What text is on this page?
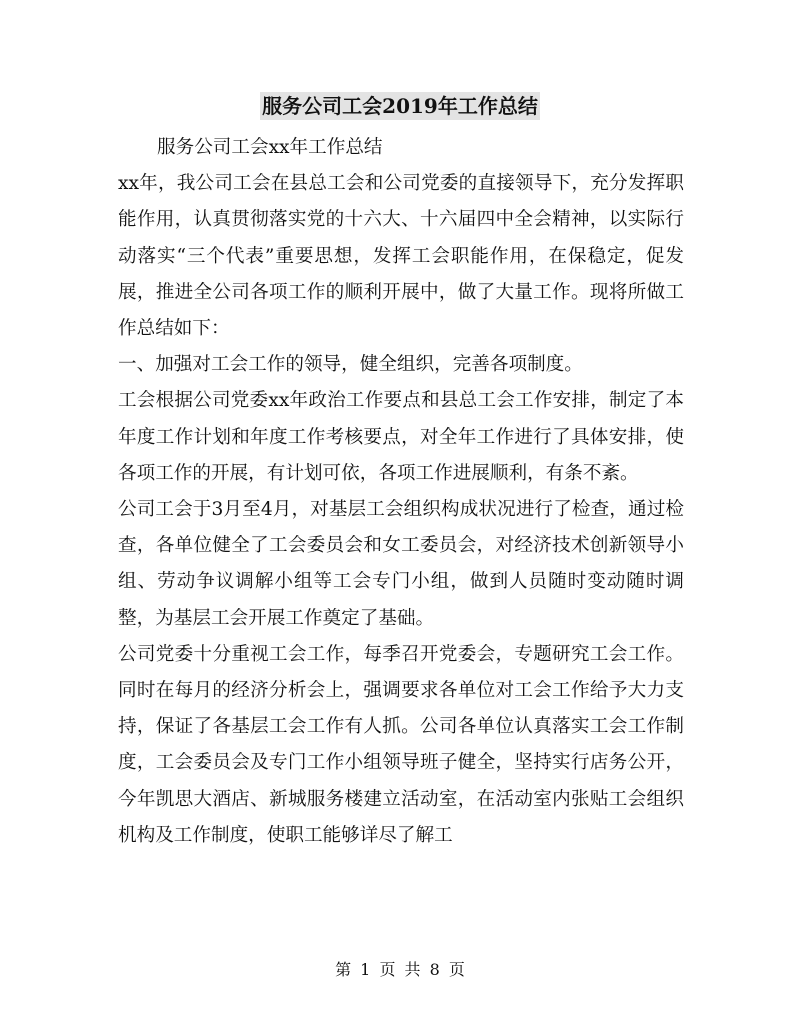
服务公司工会2019年工作总结

服务公司工会xx年工作总结

xx年，我公司工会在县总工会和公司党委的直接领导下，充分发挥职能作用，认真贯彻落实党的十六大、十六届四中全会精神，以实际行动落实“三个代表”重要思想，发挥工会职能作用，在保稳定，促发展，推进全公司各项工作的顺利开展中，做了大量工作。现将所做工作总结如下：

一、加强对工会工作的领导，健全组织，完善各项制度。

工会根据公司党委xx年政治工作要点和县总工会工作安排，制定了本年度工作计划和年度工作考核要点，对全年工作进行了具体安排，使各项工作的开展，有计划可依，各项工作进展顺利，有条不紊。

公司工会于3月至4月，对基层工会组织构成状况进行了检查，通过检查，各单位健全了工会委员会和女工委员会，对经济技术创新领导小组、劳动争议调解小组等工会专门小组，做到人员随时变动随时调整，为基层工会开展工作奠定了基础。

公司党委十分重视工会工作，每季召开党委会，专题研究工会工作。同时在每月的经济分析会上，强调要求各单位对工会工作给予大力支持，保证了各基层工会工作有人抓。公司各单位认真落实工会工作制度，工会委员会及专门工作小组领导班子健全，坚持实行店务公开，今年凯思大酒店、新城服务楼建立活动室，在活动室内张贴工会组织机构及工作制度，使职工能够详尽了解工

第 1 页 共 8 页
